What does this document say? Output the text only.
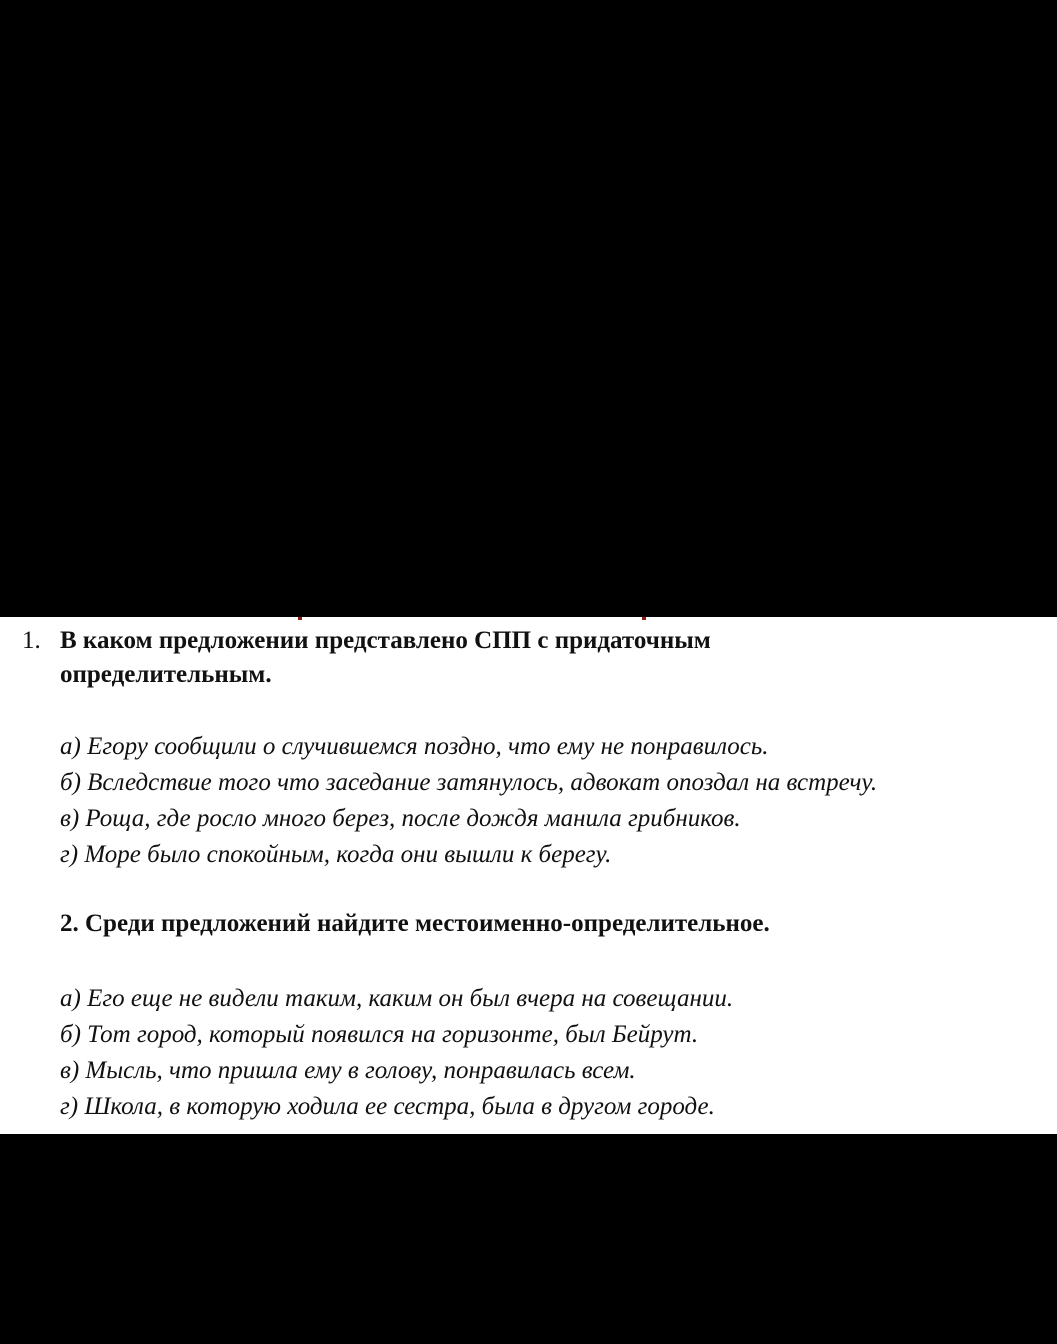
1. В каком предложении представлено СПП с придаточным
определительным.
а) Егору сообщили о случившемся поздно, что ему не понравилось.
б) Вследствие того что заседание затянулось, адвокат опоздал на встречу.
в) Роща, где росло много берез, после дождя манила грибников.
г) Море было спокойным, когда они вышли к берегу.
2. Среди предложений найдите местоименно-определительное.
а) Его еще не видели таким, каким он был вчера на совещании.
б) Тот город, который появился на горизонте, был Бейрут.
в) Мысль, что пришла ему в голову, понравилась всем.
г) Школа, в которую ходила ее сестра, была в другом городе.
